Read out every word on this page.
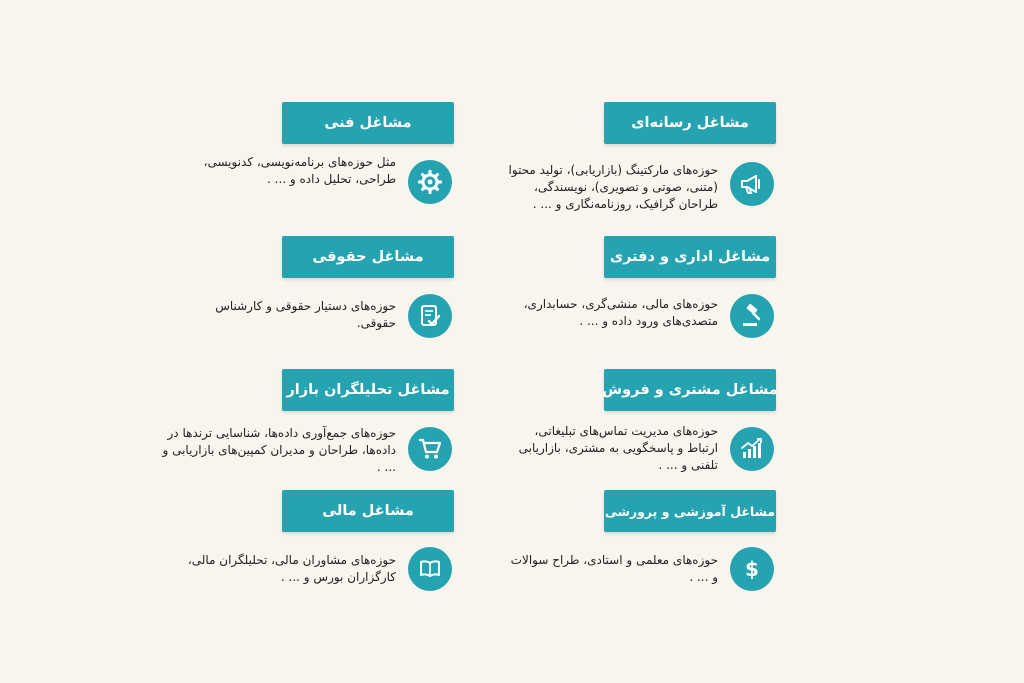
مشاغل رسانه‌ای
حوزه‌های مارکتینگ (بازاریابی)، تولید محتوا (متنی، صوتی و تصویری)، نویسندگی، طراحان گرافیک، روزنامه‌نگاری و ... .
مشاغل فنی
مثل حوزه‌های برنامه‌نویسی، کدنویسی، طراحی، تحلیل داده و ... .
مشاغل اداری و دفتری
حوزه‌های مالی، منشی‌گری، حسابداری، متصدی‌های ورود داده و ... .
مشاغل حقوقی
حوزه‌های دستیار حقوقی و کارشناس حقوقی.
مشاغل مشتری و فروش
حوزه‌های مدیریت تماس‌های تبلیغاتی، ارتباط و پاسخگویی به مشتری، بازاریابی تلفنی و ... .
مشاغل تحلیلگران بازار
حوزه‌های جمع‌آوری داده‌ها، شناسایی ترندها در داده‌ها، طراحان و مدیران کمپین‌های بازاریابی و ... .
مشاغل آموزشی و پرورشی
$
حوزه‌های معلمی و استادی، طراح سوالات و ... .
مشاغل مالی
حوزه‌های مشاوران مالی، تحلیلگران مالی، کارگزاران بورس و ... .
